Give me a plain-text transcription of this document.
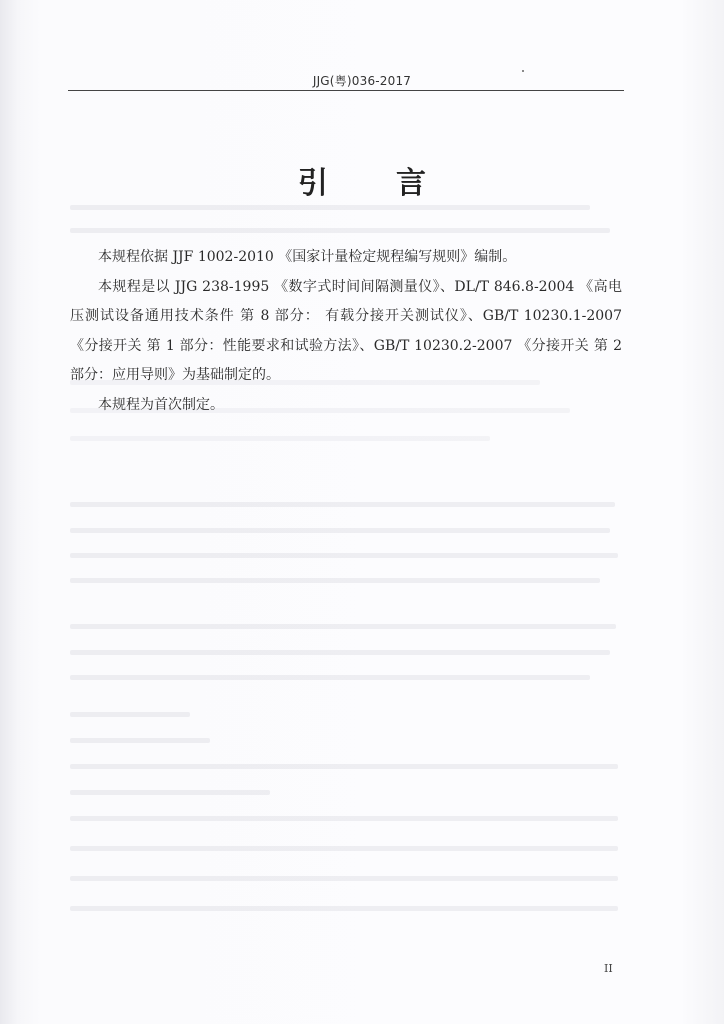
JJG(粤)036-2017
引言

本规程依据 JJF 1002-2010 《国家计量检定规程编写规则》编制。

本规程是以 JJG 238-1995 《数字式时间间隔测量仪》、DL/T 846.8-2004 《高电压测试设备通用技术条件 第 8 部分： 有载分接开关测试仪》、GB/T 10230.1-2007 《分接开关 第 1 部分：性能要求和试验方法》、GB/T 10230.2-2007 《分接开关 第 2 部分：应用导则》为基础制定的。

本规程为首次制定。

II
